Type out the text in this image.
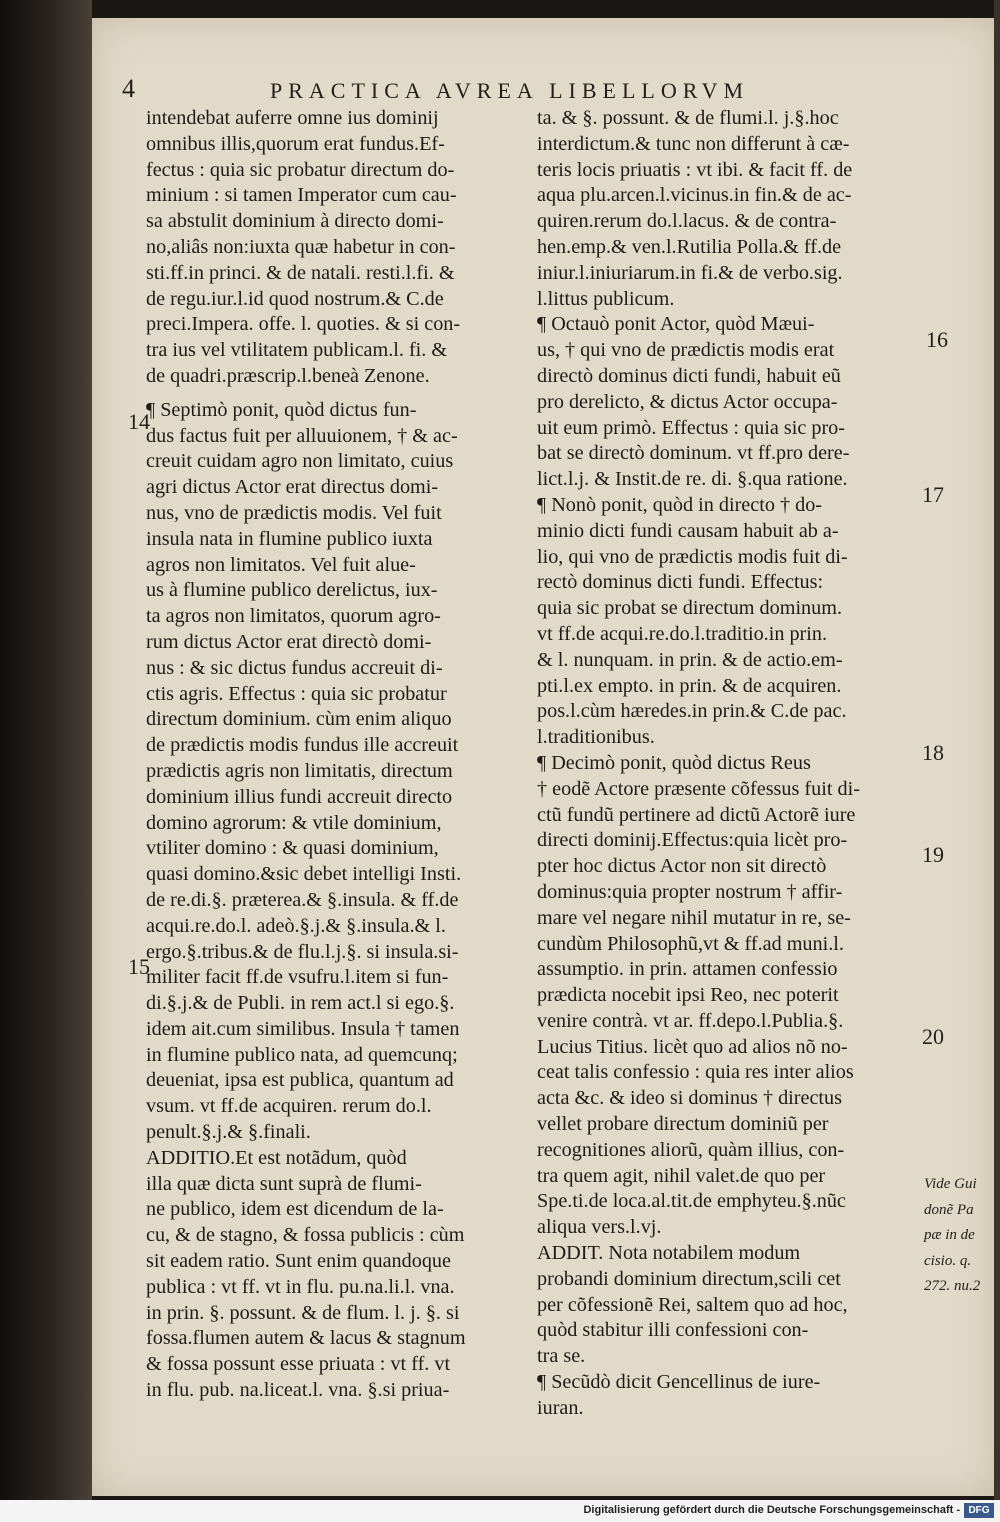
4	PRACTICA AVREA LIBELLORVM
intendebat auferre omne ius dominij
omnibus illis,quorum erat fundus.Ef-
fectus : quia sic probatur directum do-
minium : si tamen Imperator cum cau-
sa abstulit dominium à directo domi-
no,aliâs non:iuxta quæ habetur in con-
sti.ff.in princi. & de natali. resti.l.fi. &
de regu.iur.l.id quod nostrum.& C.de
preci.Impera. offe. l. quoties. & si con-
tra ius vel vtilitatem publicam.l. fi. &
de quadri.præscrip.l.beneà Zenone.
¶ Septimò ponit, quòd dictus fun-
dus factus fuit per alluuionem, † & ac-
creuit cuidam agro non limitato, cuius
agri dictus Actor erat directus domi-
nus, vno de prædictis modis. Vel fuit
insula nata in flumine publico iuxta
agros non limitatos. Vel fuit alue-
us à flumine publico derelictus, iux-
ta agros non limitatos, quorum agro-
rum dictus Actor erat directò domi-
nus : & sic dictus fundus accreuit di-
ctis agris. Effectus : quia sic probatur
directum dominium. cùm enim aliquo
de prædictis modis fundus ille accreuit
prædictis agris non limitatis, directum
dominium illius fundi accreuit directo
domino agrorum: & vtile dominium,
vtiliter domino : & quasi dominium,
quasi domino.&sic debet intelligi Insti.
de re.di.§. præterea.& §.insula. & ff.de
acqui.re.do.l. adeò.§.j.& §.insula.& l.
ergo.§.tribus.& de flu.l.j.§. si insula.si-
militer facit ff.de vsufru.l.item si fun-
di.§.j.& de Publi. in rem act.l si ego.§.
idem ait.cum similibus. Insula † tamen
in flumine publico nata, ad quemcunq;
deueniat, ipsa est publica, quantum ad
vsum. vt ff.de acquiren. rerum do.l.
penult.§.j.& §.finali.
ADDITIO.Et est notãdum, quòd
illa quæ dicta sunt suprà de flumi-
ne publico, idem est dicendum de la-
cu, & de stagno, & fossa publicis : cùm
sit eadem ratio. Sunt enim quandoque
publica : vt ff. vt in flu. pu.na.li.l. vna.
in prin. §. possunt. & de flum. l. j. §. si
fossa.flumen autem & lacus & stagnum
& fossa possunt esse priuata : vt ff. vt
in flu. pub. na.liceat.l. vna. §.si priua-
ta. & §. possunt. & de flumi.l. j.§.hoc
interdictum.& tunc non differunt à cæ-
teris locis priuatis : vt ibi. & facit ff. de
aqua plu.arcen.l.vicinus.in fin.& de ac-
quiren.rerum do.l.lacus. & de contra-
hen.emp.& ven.l.Rutilia Polla.& ff.de
iniur.l.iniuriarum.in fi.& de verbo.sig.
l.littus publicum.
¶ Octauò ponit Actor, quòd Mæui-
us, † qui vno de prædictis modis erat
directò dominus dicti fundi, habuit eũ
pro derelicto, & dictus Actor occupa-
uit eum primò. Effectus : quia sic pro-
bat se directò dominum. vt ff.pro dere-
lict.l.j. & Instit.de re. di. §.qua ratione.
¶ Nonò ponit, quòd in directo † do-
minio dicti fundi causam habuit ab a-
lio, qui vno de prædictis modis fuit di-
rectò dominus dicti fundi. Effectus:
quia sic probat se directum dominum.
vt ff.de acqui.re.do.l.traditio.in prin.
& l. nunquam. in prin. & de actio.em-
pti.l.ex empto. in prin. & de acquiren.
pos.l.cùm hæredes.in prin.& C.de pac.
l.traditionibus.
¶ Decimò ponit, quòd dictus Reus
† eodẽ Actore præsente cõfessus fuit di-
ctũ fundũ pertinere ad dictũ Actorẽ iure
directi dominij.Effectus:quia licèt pro-
pter hoc dictus Actor non sit directò
dominus:quia propter nostrum † affir-
mare vel negare nihil mutatur in re, se-
cundùm Philosophũ,vt & ff.ad muni.l.
assumptio. in prin. attamen confessio
prædicta nocebit ipsi Reo, nec poterit
venire contrà. vt ar. ff.depo.l.Publia.§.
Lucius Titius. licèt quo ad alios nõ no-
ceat talis confessio : quia res inter alios
acta &c. & ideo si dominus † directus
vellet probare directum dominiũ per
recognitiones aliorũ, quàm illius, con-
tra quem agit, nihil valet.de quo per
Spe.ti.de loca.al.tit.de emphyteu.§.nũc
aliqua vers.l.vj.
ADDIT. Nota notabilem modum
probandi dominium directum,scili cet
per cõfessionẽ Rei, saltem quo ad hoc,
quòd stabitur illi confessioni con-
tra se.
¶ Secũdò dicit Gencellinus de iure-
iuran.
14
15
16
17
18
19
20
Vide Gui
donẽ Pa
pæ in de
cisio. q.
272. nu.2
Digitalisierung gefördert durch die Deutsche Forschungsgemeinschaft - DFG
